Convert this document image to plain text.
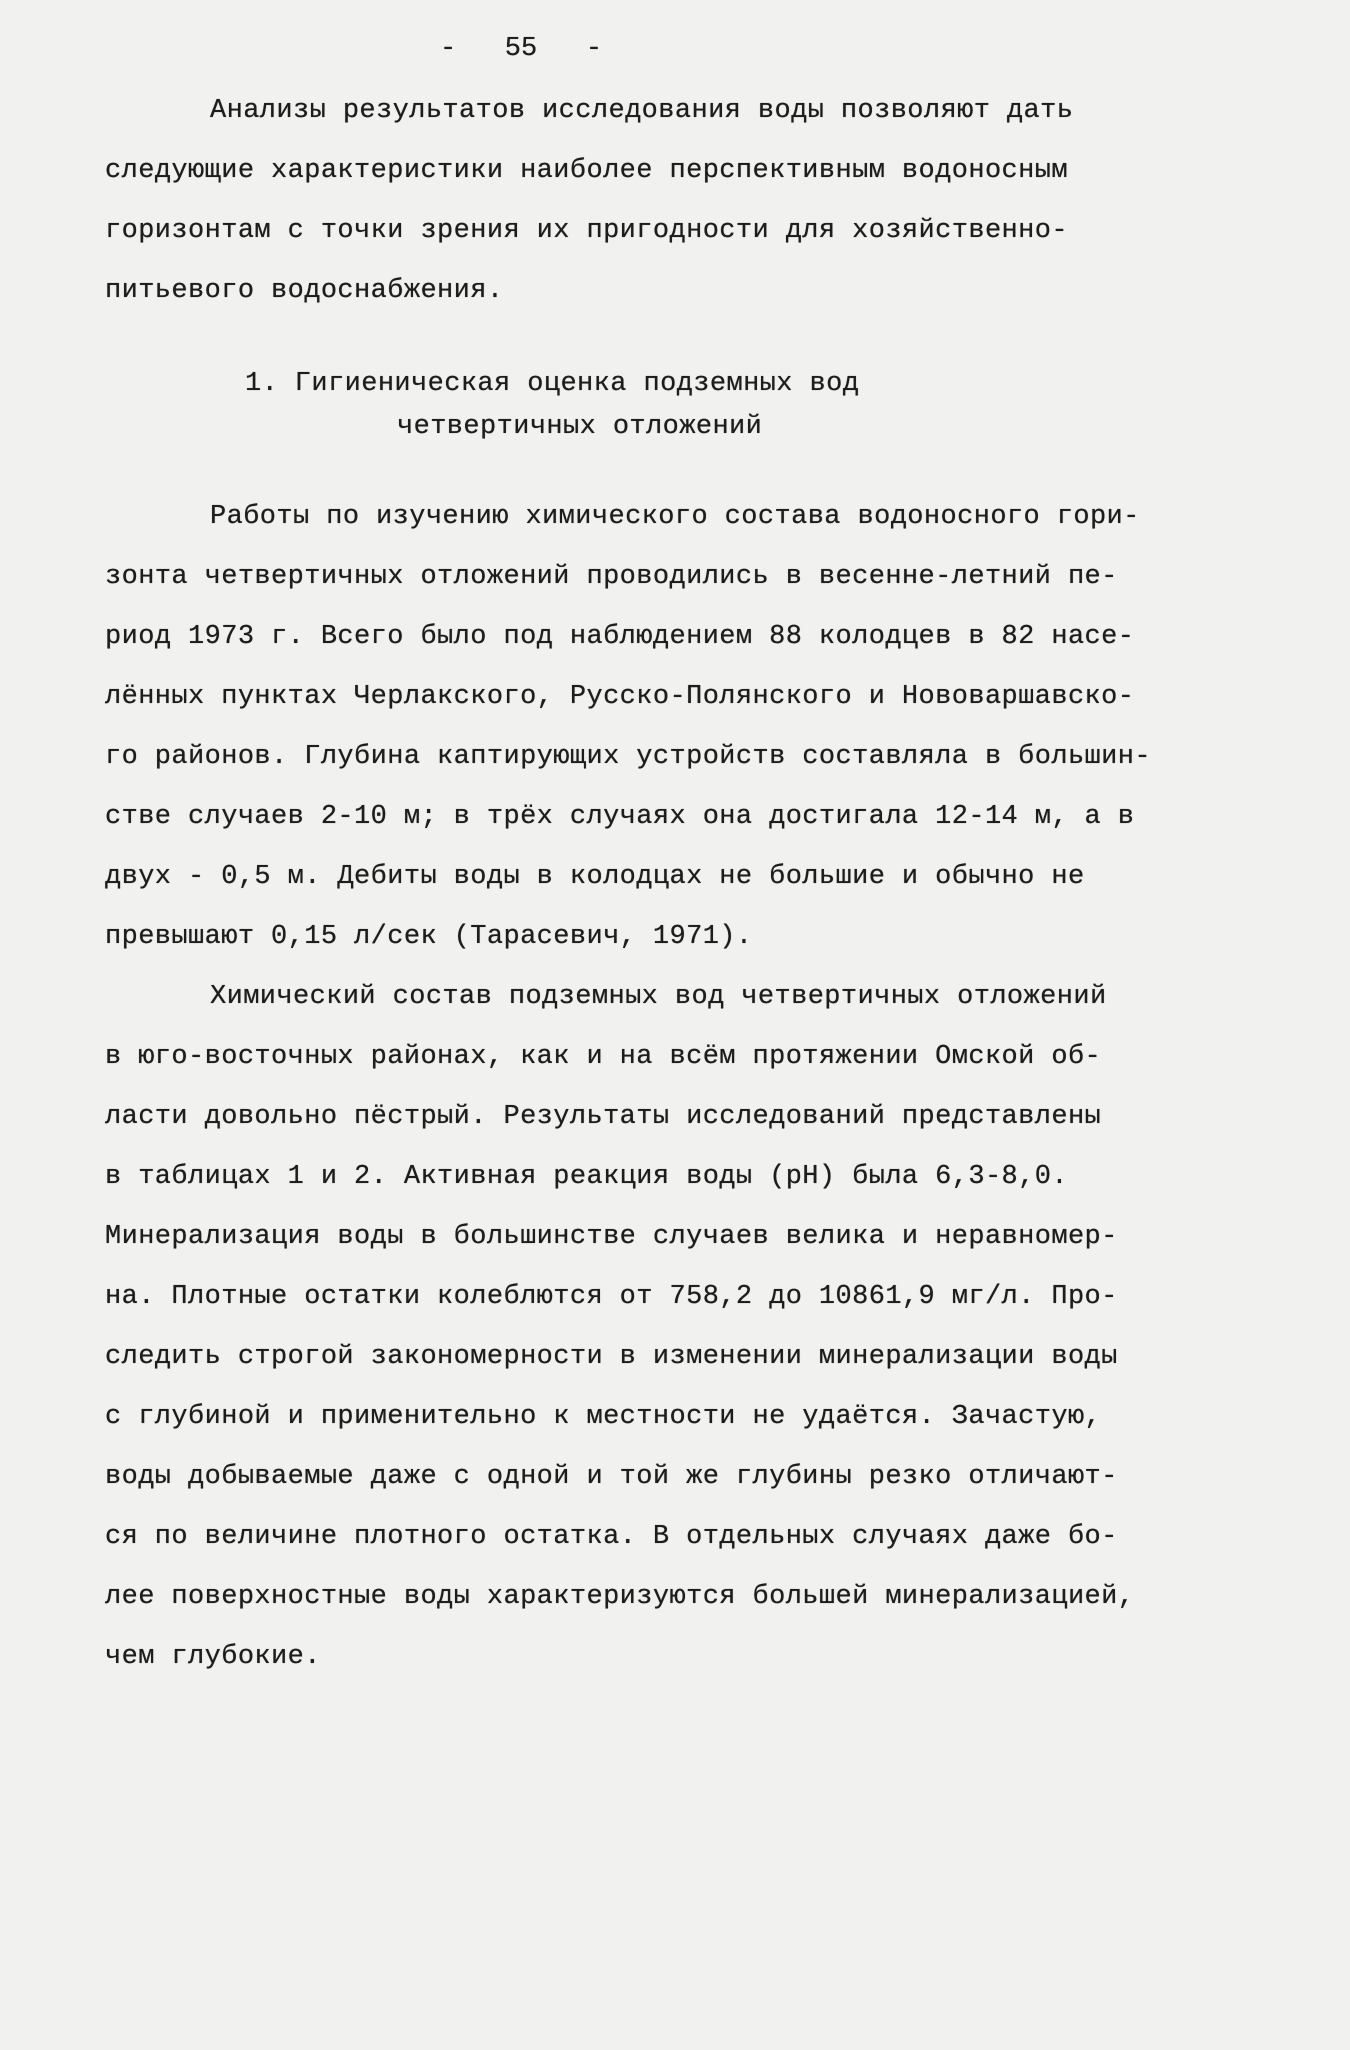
-   55   -
Анализы результатов исследования воды позволяют дать
следующие характеристики наиболее перспективным водоносным
горизонтам с точки зрения их пригодности для хозяйственно-
питьевого водоснабжения.
1. Гигиеническая оценка подземных вод
четвертичных отложений
Работы по изучению химического состава водоносного гори-
зонта четвертичных отложений проводились в весенне-летний пе-
риод 1973 г. Всего было под наблюдением 88 колодцев в 82 насе-
лённых пунктах Черлакского, Русско-Полянского и Нововаршавско-
го районов. Глубина каптирующих устройств составляла в большин-
стве случаев 2-10 м; в трёх случаях она достигала 12-14 м, а в
двух - 0,5 м. Дебиты воды в колодцах не большие и обычно не
превышают 0,15 л/сек (Тарасевич, 1971).
Химический состав подземных вод четвертичных отложений
в юго-восточных районах, как и на всём протяжении Омской об-
ласти довольно пёстрый. Результаты исследований представлены
в таблицах 1 и 2. Активная реакция воды (pH) была 6,3-8,0.
Минерализация воды в большинстве случаев велика и неравномер-
на. Плотные остатки колеблются от 758,2 до 10861,9 мг/л. Про-
следить строгой закономерности в изменении минерализации воды
с глубиной и применительно к местности не удаётся. Зачастую,
воды добываемые даже с одной и той же глубины резко отличают-
ся по величине плотного остатка. В отдельных случаях даже бо-
лее поверхностные воды характеризуются большей минерализацией,
чем глубокие.
